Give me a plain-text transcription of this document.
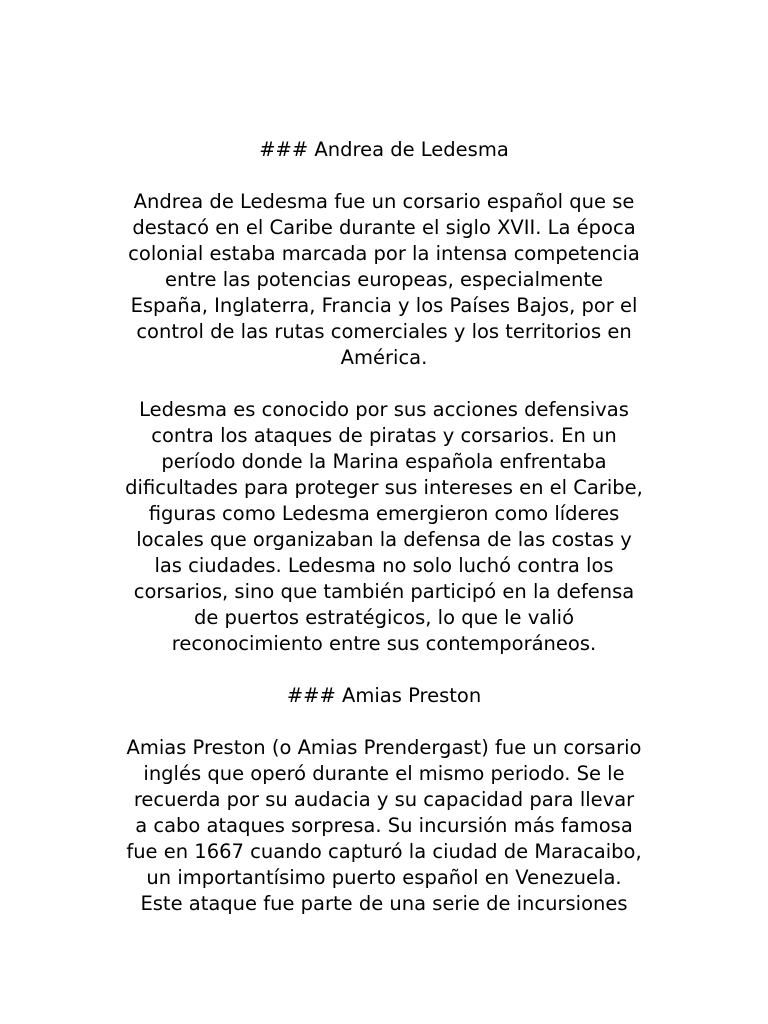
### Andrea de Ledesma
Andrea de Ledesma fue un corsario español que se
destacó en el Caribe durante el siglo XVII. La época
colonial estaba marcada por la intensa competencia
entre las potencias europeas, especialmente
España, Inglaterra, Francia y los Países Bajos, por el
control de las rutas comerciales y los territorios en
América.
Ledesma es conocido por sus acciones defensivas
contra los ataques de piratas y corsarios. En un
período donde la Marina española enfrentaba
dificultades para proteger sus intereses en el Caribe,
figuras como Ledesma emergieron como líderes
locales que organizaban la defensa de las costas y
las ciudades. Ledesma no solo luchó contra los
corsarios, sino que también participó en la defensa
de puertos estratégicos, lo que le valió
reconocimiento entre sus contemporáneos.
### Amias Preston
Amias Preston (o Amias Prendergast) fue un corsario
inglés que operó durante el mismo periodo. Se le
recuerda por su audacia y su capacidad para llevar
a cabo ataques sorpresa. Su incursión más famosa
fue en 1667 cuando capturó la ciudad de Maracaibo,
un importantísimo puerto español en Venezuela.
Este ataque fue parte de una serie de incursiones
